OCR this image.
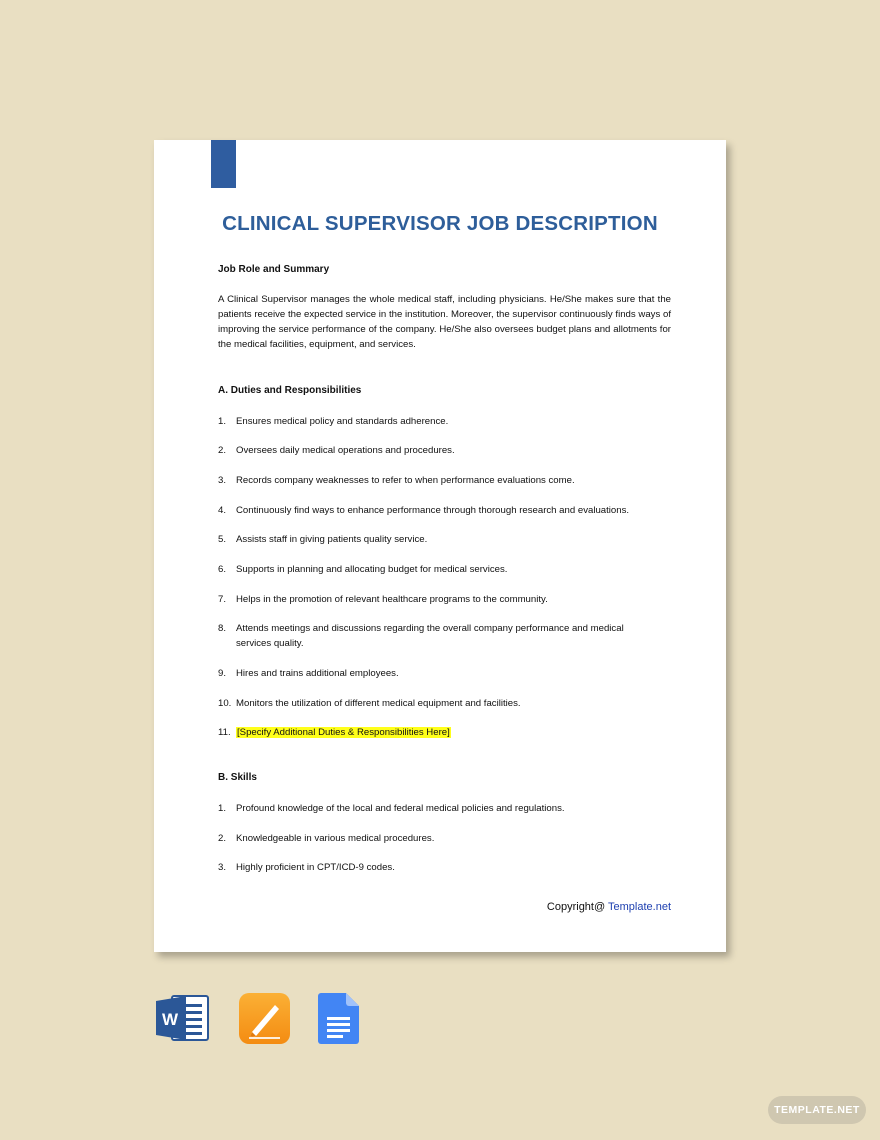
CLINICAL SUPERVISOR JOB DESCRIPTION
Job Role and Summary
A Clinical Supervisor manages the whole medical staff, including physicians. He/She makes sure that the patients receive the expected service in the institution. Moreover, the supervisor continuously finds ways of improving the service performance of the company. He/She also oversees budget plans and allotments for the medical facilities, equipment, and services.
A. Duties and Responsibilities
1. Ensures medical policy and standards adherence.
2. Oversees daily medical operations and procedures.
3. Records company weaknesses to refer to when performance evaluations come.
4. Continuously find ways to enhance performance through thorough research and evaluations.
5. Assists staff in giving patients quality service.
6. Supports in planning and allocating budget for medical services.
7. Helps in the promotion of relevant healthcare programs to the community.
8. Attends meetings and discussions regarding the overall company performance and medical services quality.
9. Hires and trains additional employees.
10. Monitors the utilization of different medical equipment and facilities.
11. [Specify Additional Duties & Responsibilities Here]
B. Skills
1. Profound knowledge of the local and federal medical policies and regulations.
2. Knowledgeable in various medical procedures.
3. Highly proficient in CPT/ICD-9 codes.
Copyright@ Template.net
W
TEMPLATE.NET
